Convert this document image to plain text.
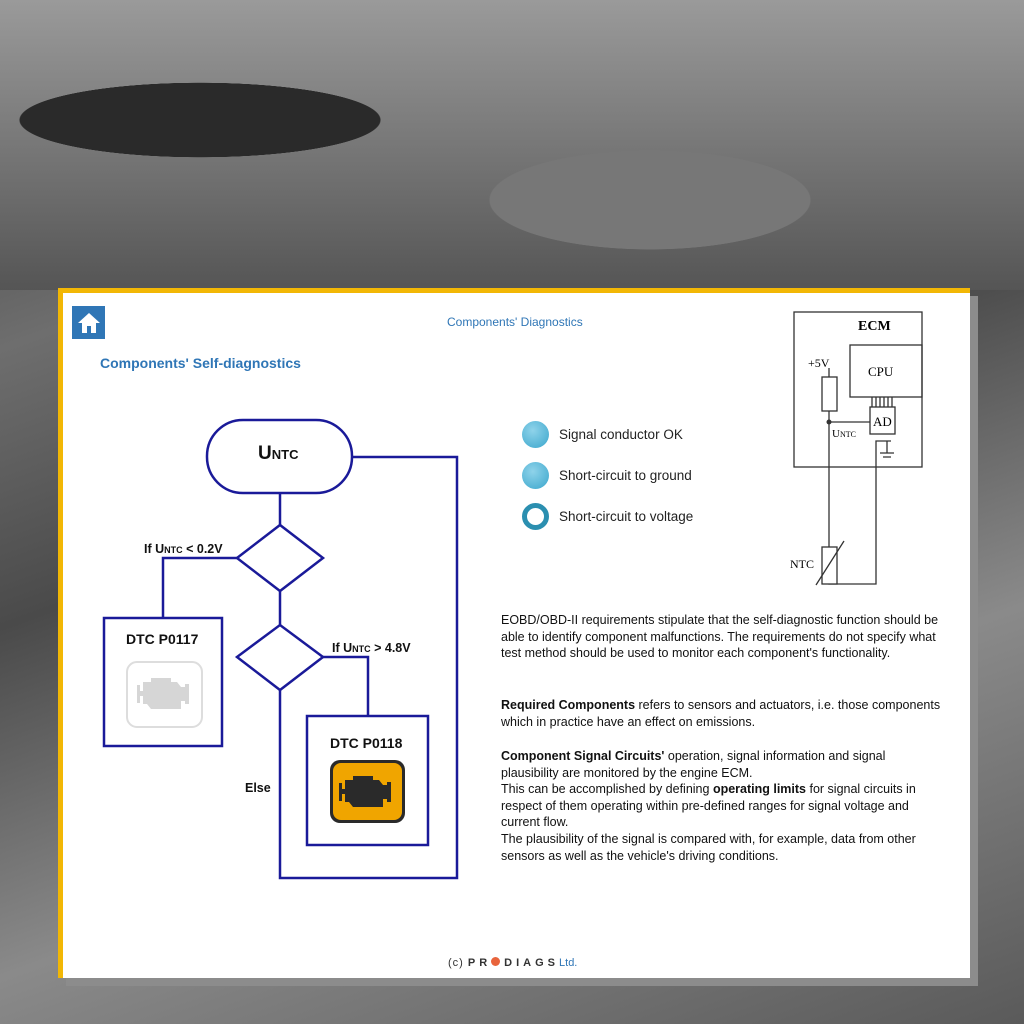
Components' Diagnostics
Components' Self-diagnostics
UNTC
If UNTC < 0.2V
If UNTC > 4.8V
Else
DTC P0117
DTC P0118
Signal conductor OK
Short-circuit to ground
Short-circuit to voltage
ECM
CPU
AD
+5V
UNTC
NTC
EOBD/OBD-II requirements stipulate that the self-diagnostic function should be able to identify component malfunctions. The requirements do not specify what test method should be used to monitor each component's functionality.
Required Components refers to sensors and actuators, i.e. those components which in practice have an effect on emissions.
Component Signal Circuits' operation, signal information and signal plausibility are monitored by the engine ECM.
This can be accomplished by defining operating limits for signal circuits in respect of them operating within pre-defined ranges for signal voltage and current flow.
The plausibility of the signal is compared with, for example, data from other sensors as well as the vehicle's driving conditions.
(c) PR DIAGSLtd.
